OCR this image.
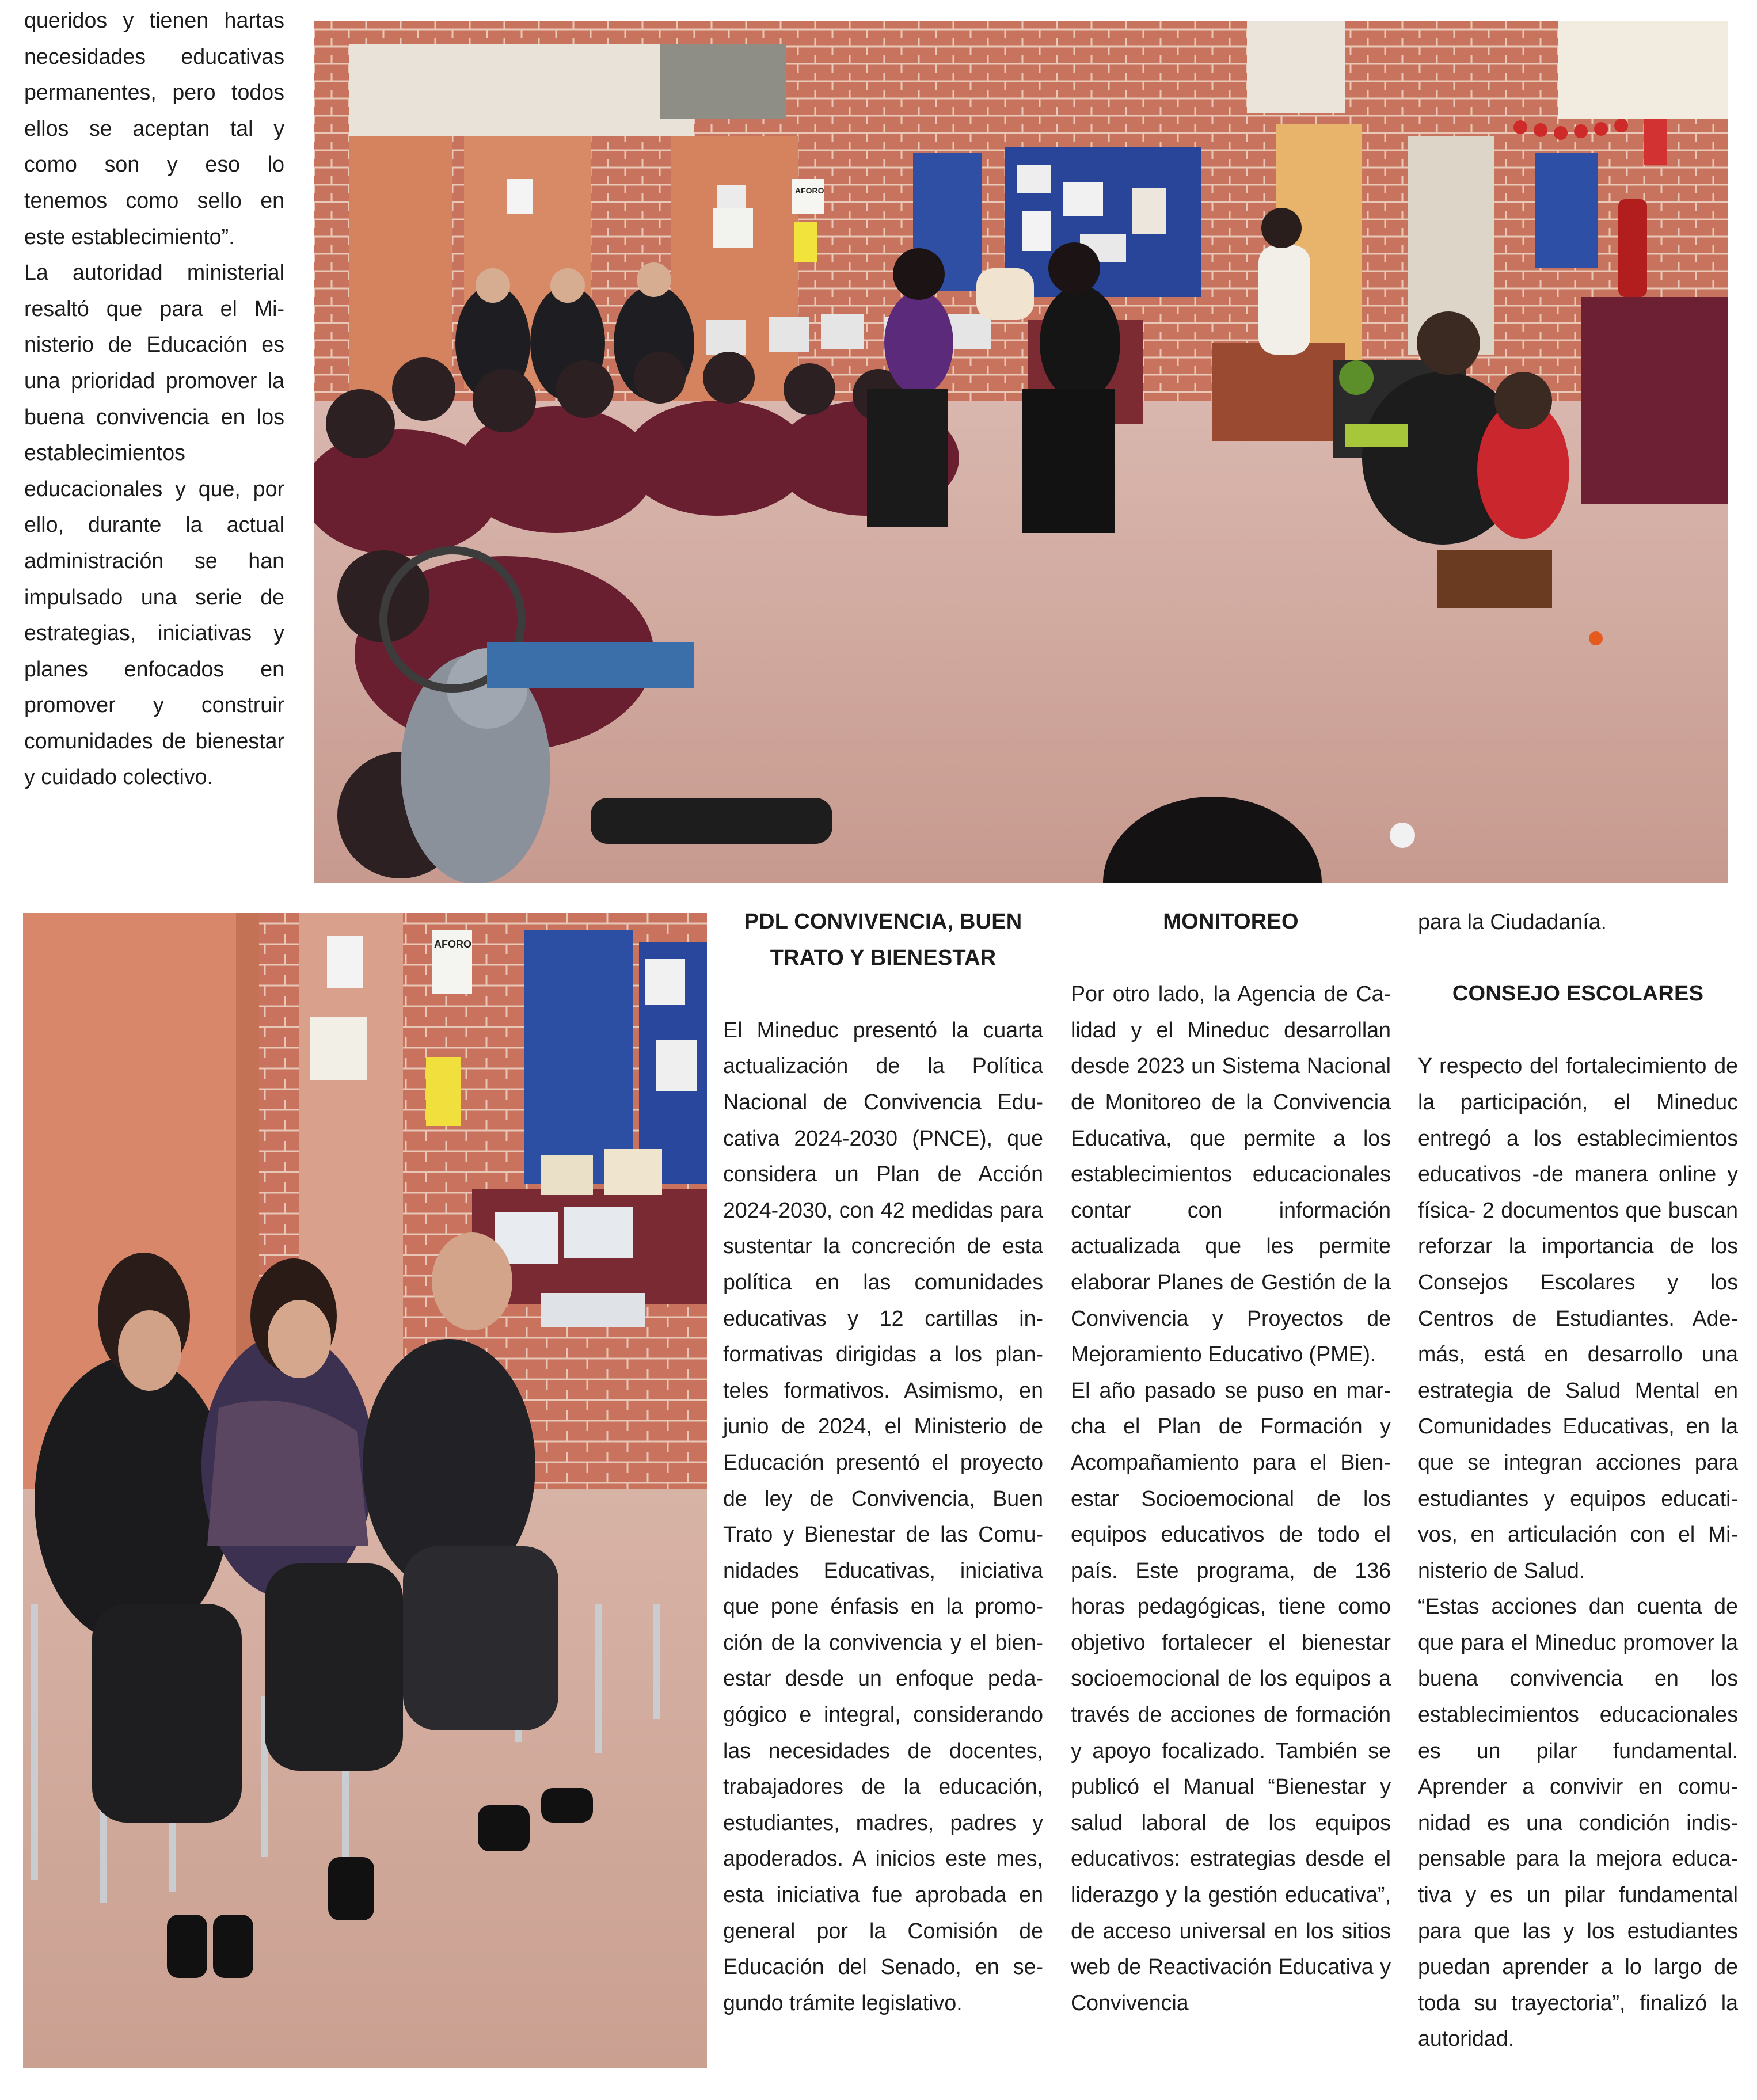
queridos y tienen hartas necesidades educativas permanentes, pero todos ellos se aceptan tal y como son y eso lo tenemos como sello en este establecimiento”.

La autoridad ministerial resaltó que para el Ministerio de Educación es una prioridad promover la buena convivencia en los establecimientos educacionales y que, por ello, durante la actual administración se han impulsado una serie de estrategias, iniciativas y planes enfocados en promover y construir comunidades de bienestar y cuidado colectivo.

AFORO
AFORO
PDL CONVIVENCIA, BUEN
TRATO Y BIENESTAR

El Mineduc presentó la cuarta actualización de la Política Nacional de Convivencia Educativa 2024-2030 (PNCE), que considera un Plan de Acción 2024-2030, con 42 medidas para sustentar la concreción de esta política en las comunidades educativas y 12 cartillas informativas dirigidas a los planteles formativos. Asimismo, en junio de 2024, el Ministerio de Educación presentó el proyecto de ley de Convivencia, Buen Trato y Bienestar de las Comunidades Educativas, iniciativa que pone énfasis en la promoción de la convivencia y el bienestar desde un enfoque pedagógico e integral, considerando las necesidades de docentes, trabajadores de la educación, estudiantes, madres, padres y apoderados. A inicios este mes, esta iniciativa fue aprobada en general por la Comisión de Educación del Senado, en segundo trámite legislativo.

MONITOREO

Por otro lado, la Agencia de Calidad y el Mineduc desarrollan desde 2023 un Sistema Nacional de Monitoreo de la Convivencia Educativa, que permite a los establecimientos educacionales contar con información actualizada que les permite elaborar Planes de Gestión de la Convivencia y Proyectos de Mejoramiento Educativo (PME).

El año pasado se puso en marcha el Plan de Formación y Acompañamiento para el Bienestar Socioemocional de los equipos educativos de todo el país. Este programa, de 136 horas pedagógicas, tiene como objetivo fortalecer el bienestar socioemocional de los equipos a través de acciones de formación y apoyo focalizado. También se publicó el Manual “Bienestar y salud laboral de los equipos educativos: estrategias desde el liderazgo y la gestión educativa”, de acceso universal en los sitios web de Reactivación Educativa y Convivencia

para la Ciudadanía.

CONSEJO ESCOLARES

Y respecto del fortalecimiento de la participación, el Mineduc entregó a los establecimientos educativos -de manera online y física- 2 documentos que buscan reforzar la importancia de los Consejos Escolares y los Centros de Estudiantes. Además, está en desarrollo una estrategia de Salud Mental en Comunidades Educativas, en la que se integran acciones para estudiantes y equipos educativos, en articulación con el Ministerio de Salud.

“Estas acciones dan cuenta de que para el Mineduc promover la buena convivencia en los establecimientos educacionales es un pilar fundamental. Aprender a convivir en comunidad es una condición indispensable para la mejora educativa y es un pilar fundamental para que las y los estudiantes puedan aprender a lo largo de toda su trayectoria”, finalizó la autoridad.
